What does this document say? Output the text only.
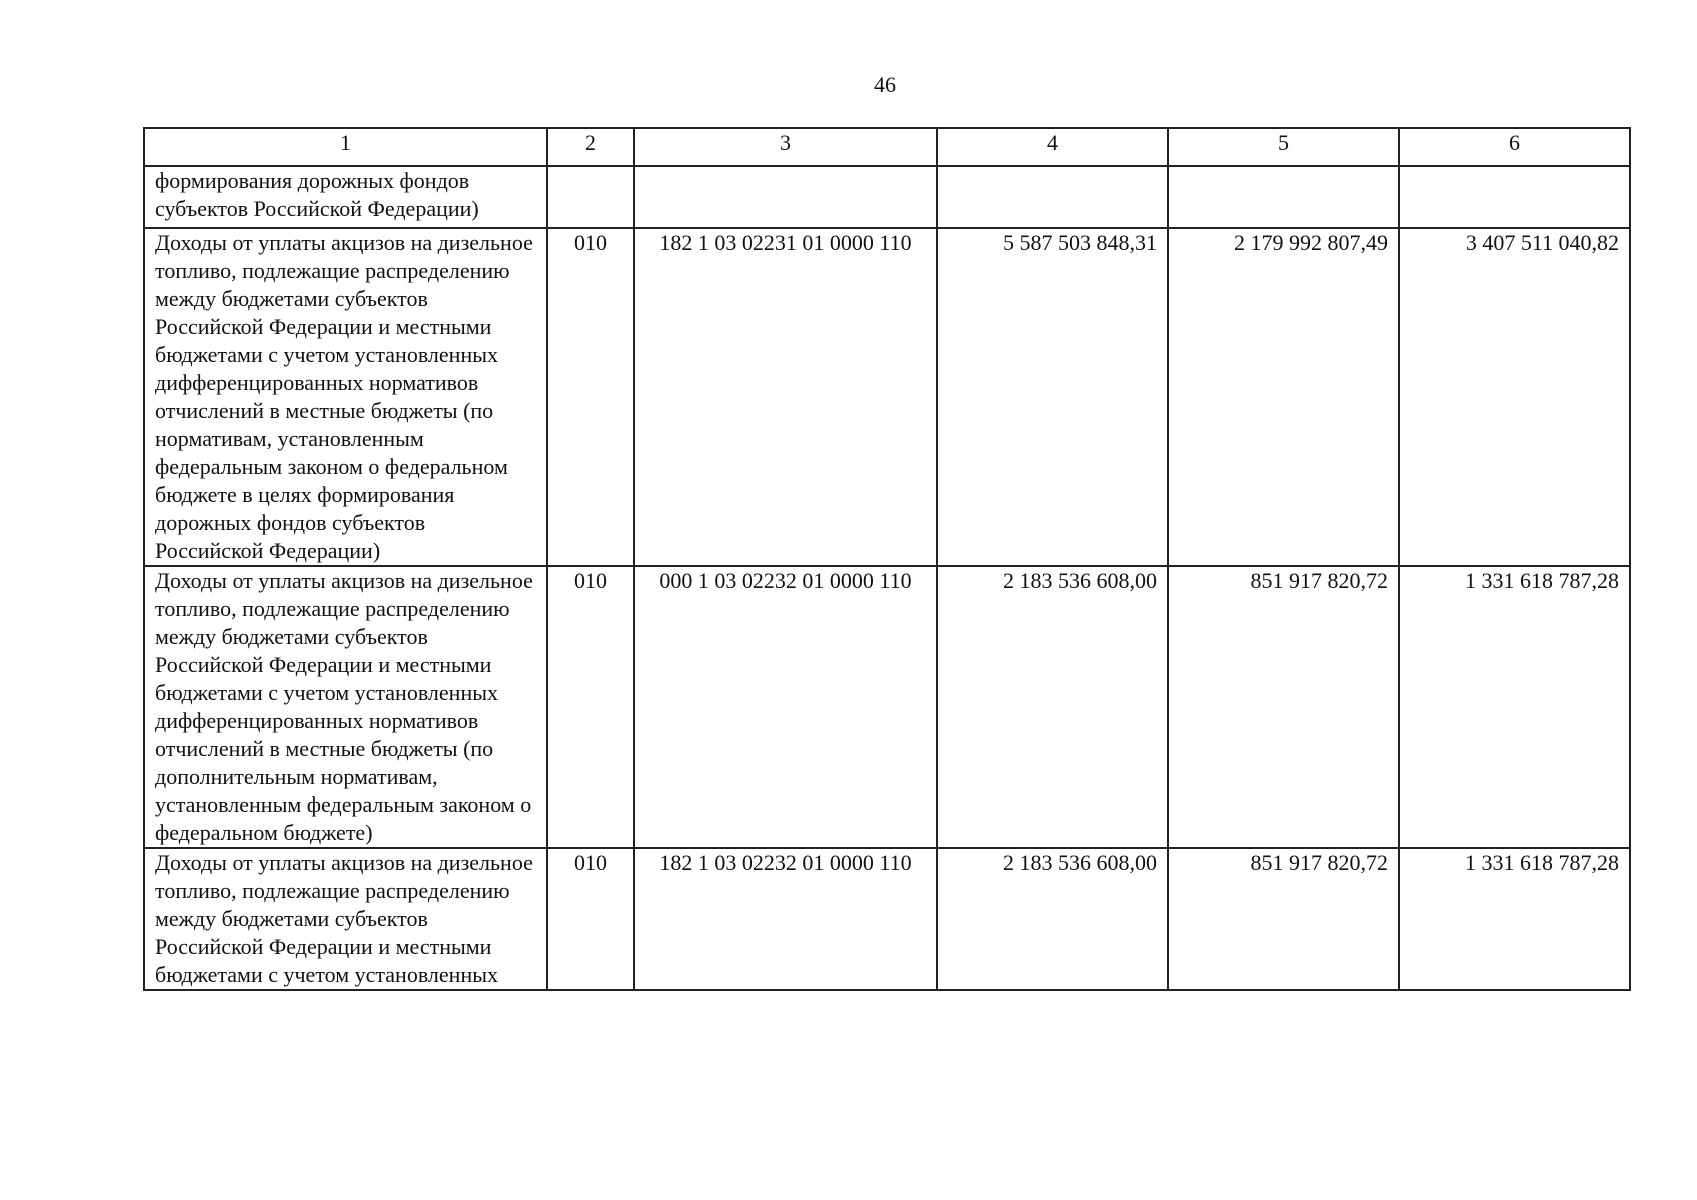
46
1	2	3	4	5	6
формирования дорожных фондов субъектов Российской Федерации)					
Доходы от уплаты акцизов на дизельное топливо, подлежащие распределению между бюджетами субъектов Российской Федерации и местными бюджетами с учетом установленных дифференцированных нормативов отчислений в местные бюджеты (по нормативам, установленным федеральным законом о федеральном бюджете в целях формирования дорожных фондов субъектов Российской Федерации)	010	182 1 03 02231 01 0000 110	5 587 503 848,31	2 179 992 807,49	3 407 511 040,82
Доходы от уплаты акцизов на дизельное топливо, подлежащие распределению между бюджетами субъектов Российской Федерации и местными бюджетами с учетом установленных дифференцированных нормативов отчислений в местные бюджеты (по дополнительным нормативам, установленным федеральным законом о федеральном бюджете)	010	000 1 03 02232 01 0000 110	2 183 536 608,00	851 917 820,72	1 331 618 787,28
Доходы от уплаты акцизов на дизельное топливо, подлежащие распределению между бюджетами субъектов Российской Федерации и местными бюджетами с учетом установленных	010	182 1 03 02232 01 0000 110	2 183 536 608,00	851 917 820,72	1 331 618 787,28
